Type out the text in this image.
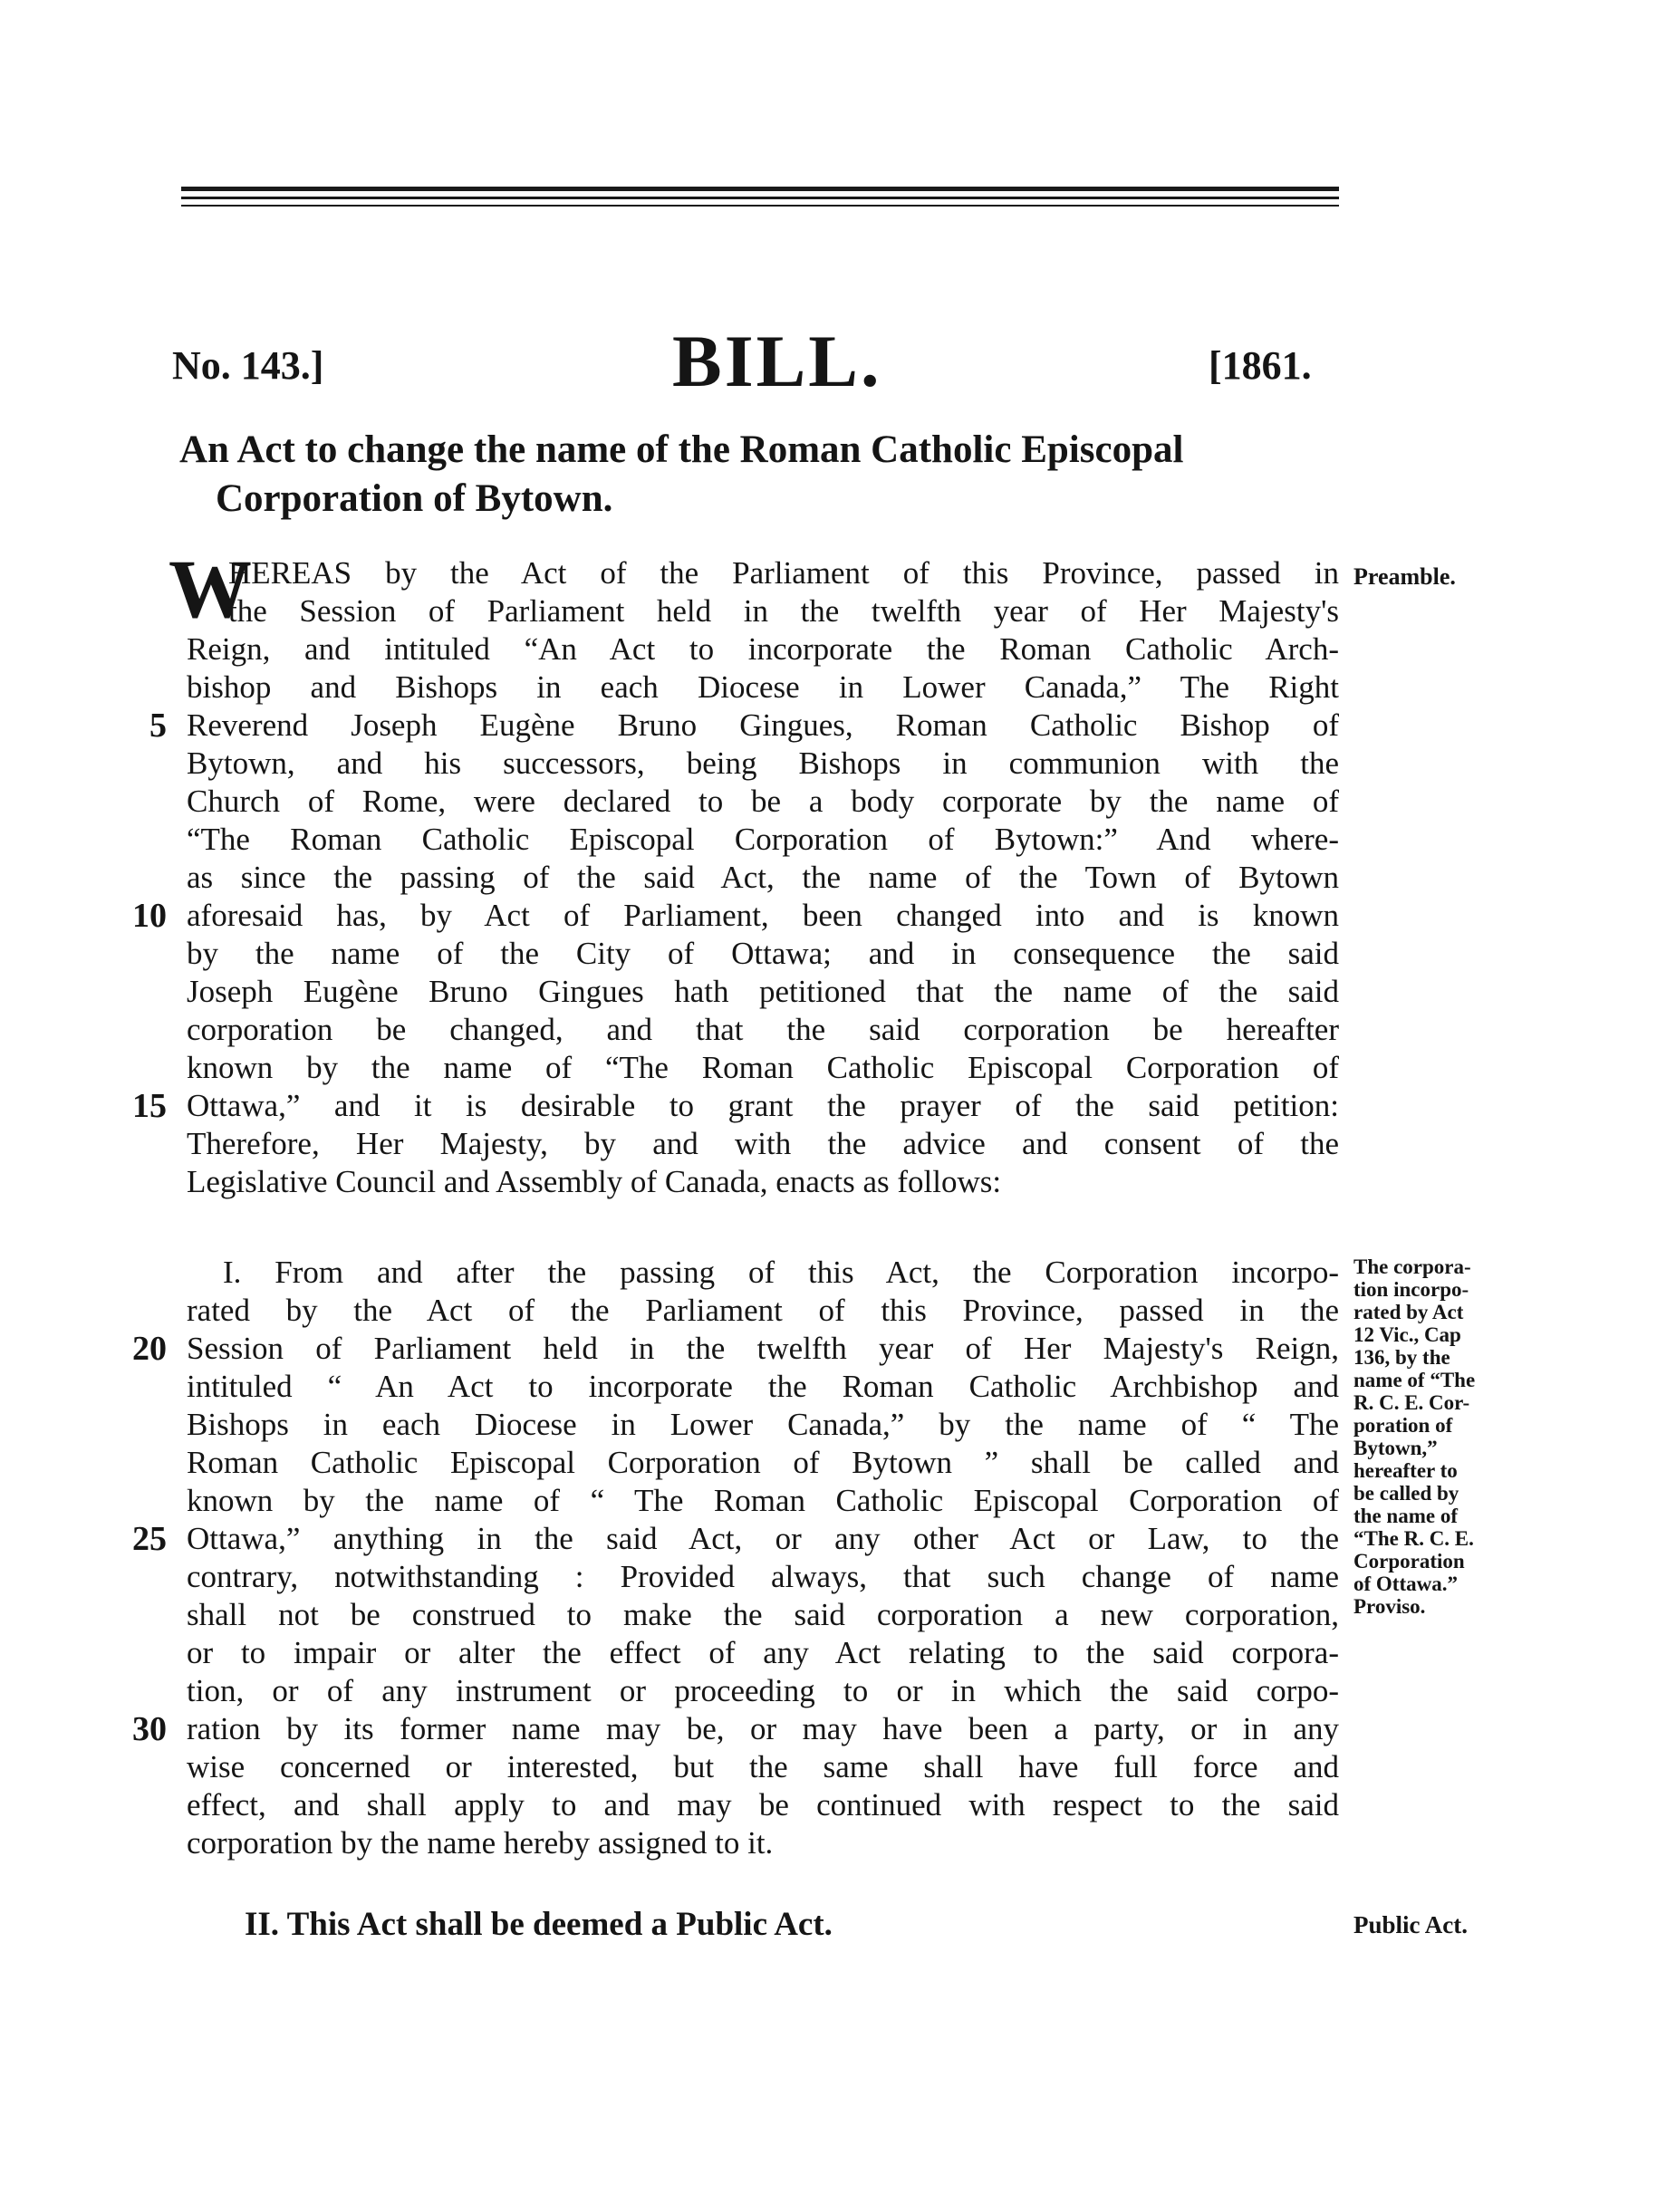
No. 143.]	BILL.	[1861.
An Act to change the name of the Roman Catholic Episcopal
Corporation of Bytown.
W
HEREAS by the Act of the Parliament of this Province, passed in
the Session of Parliament held in the twelfth year of Her Majesty's
Reign, and intituled “An Act to incorporate the Roman Catholic Arch-
bishop and Bishops in each Diocese in Lower Canada,” The Right
Reverend Joseph Eugène Bruno Gingues, Roman Catholic Bishop of
Bytown, and his successors, being Bishops in communion with the
Church of Rome, were declared to be a body corporate by the name of
“The Roman Catholic Episcopal Corporation of Bytown:” And where-
as since the passing of the said Act, the name of the Town of Bytown
aforesaid has, by Act of Parliament, been changed into and is known
by the name of the City of Ottawa; and in consequence the said
Joseph Eugène Bruno Gingues hath petitioned that the name of the said
corporation be changed, and that the said corporation be hereafter
known by the name of “The Roman Catholic Episcopal Corporation of
Ottawa,” and it is desirable to grant the prayer of the said petition:
Therefore, Her Majesty, by and with the advice and consent of the
Legislative Council and Assembly of Canada, enacts as follows:
Preamble.
I. From and after the passing of this Act, the Corporation incorpo-
rated by the Act of the Parliament of this Province, passed in the
Session of Parliament held in the twelfth year of Her Majesty's Reign,
intituled “ An Act to incorporate the Roman Catholic Archbishop and
Bishops in each Diocese in Lower Canada,” by the name of “ The
Roman Catholic Episcopal Corporation of Bytown ” shall be called and
known by the name of “ The Roman Catholic Episcopal Corporation of
Ottawa,” anything in the said Act, or any other Act or Law, to the
The corpora-
tion incorpo-
rated by Act
12 Vic., Cap
136, by the
name of “The
R. C. E. Cor-
poration of
Bytown,”
hereafter to
be called by
the name of
“The R. C. E.
Corporation
of Ottawa.”
Proviso.
contrary, notwithstanding : Provided always, that such change of name
5
10
15
20
25
shall not be construed to make the said corporation a new corporation,
II. This Act shall be deemed a Public Act.	Public Act.
or to impair or alter the effect of any Act relating to the said corpora-
tion, or of any instrument or proceeding to or in which the said corpo-
ration by its former name may be, or may have been a party, or in any
wise concerned or interested, but the same shall have full force and
effect, and shall apply to and may be continued with respect to the said
corporation by the name hereby assigned to it.
30
